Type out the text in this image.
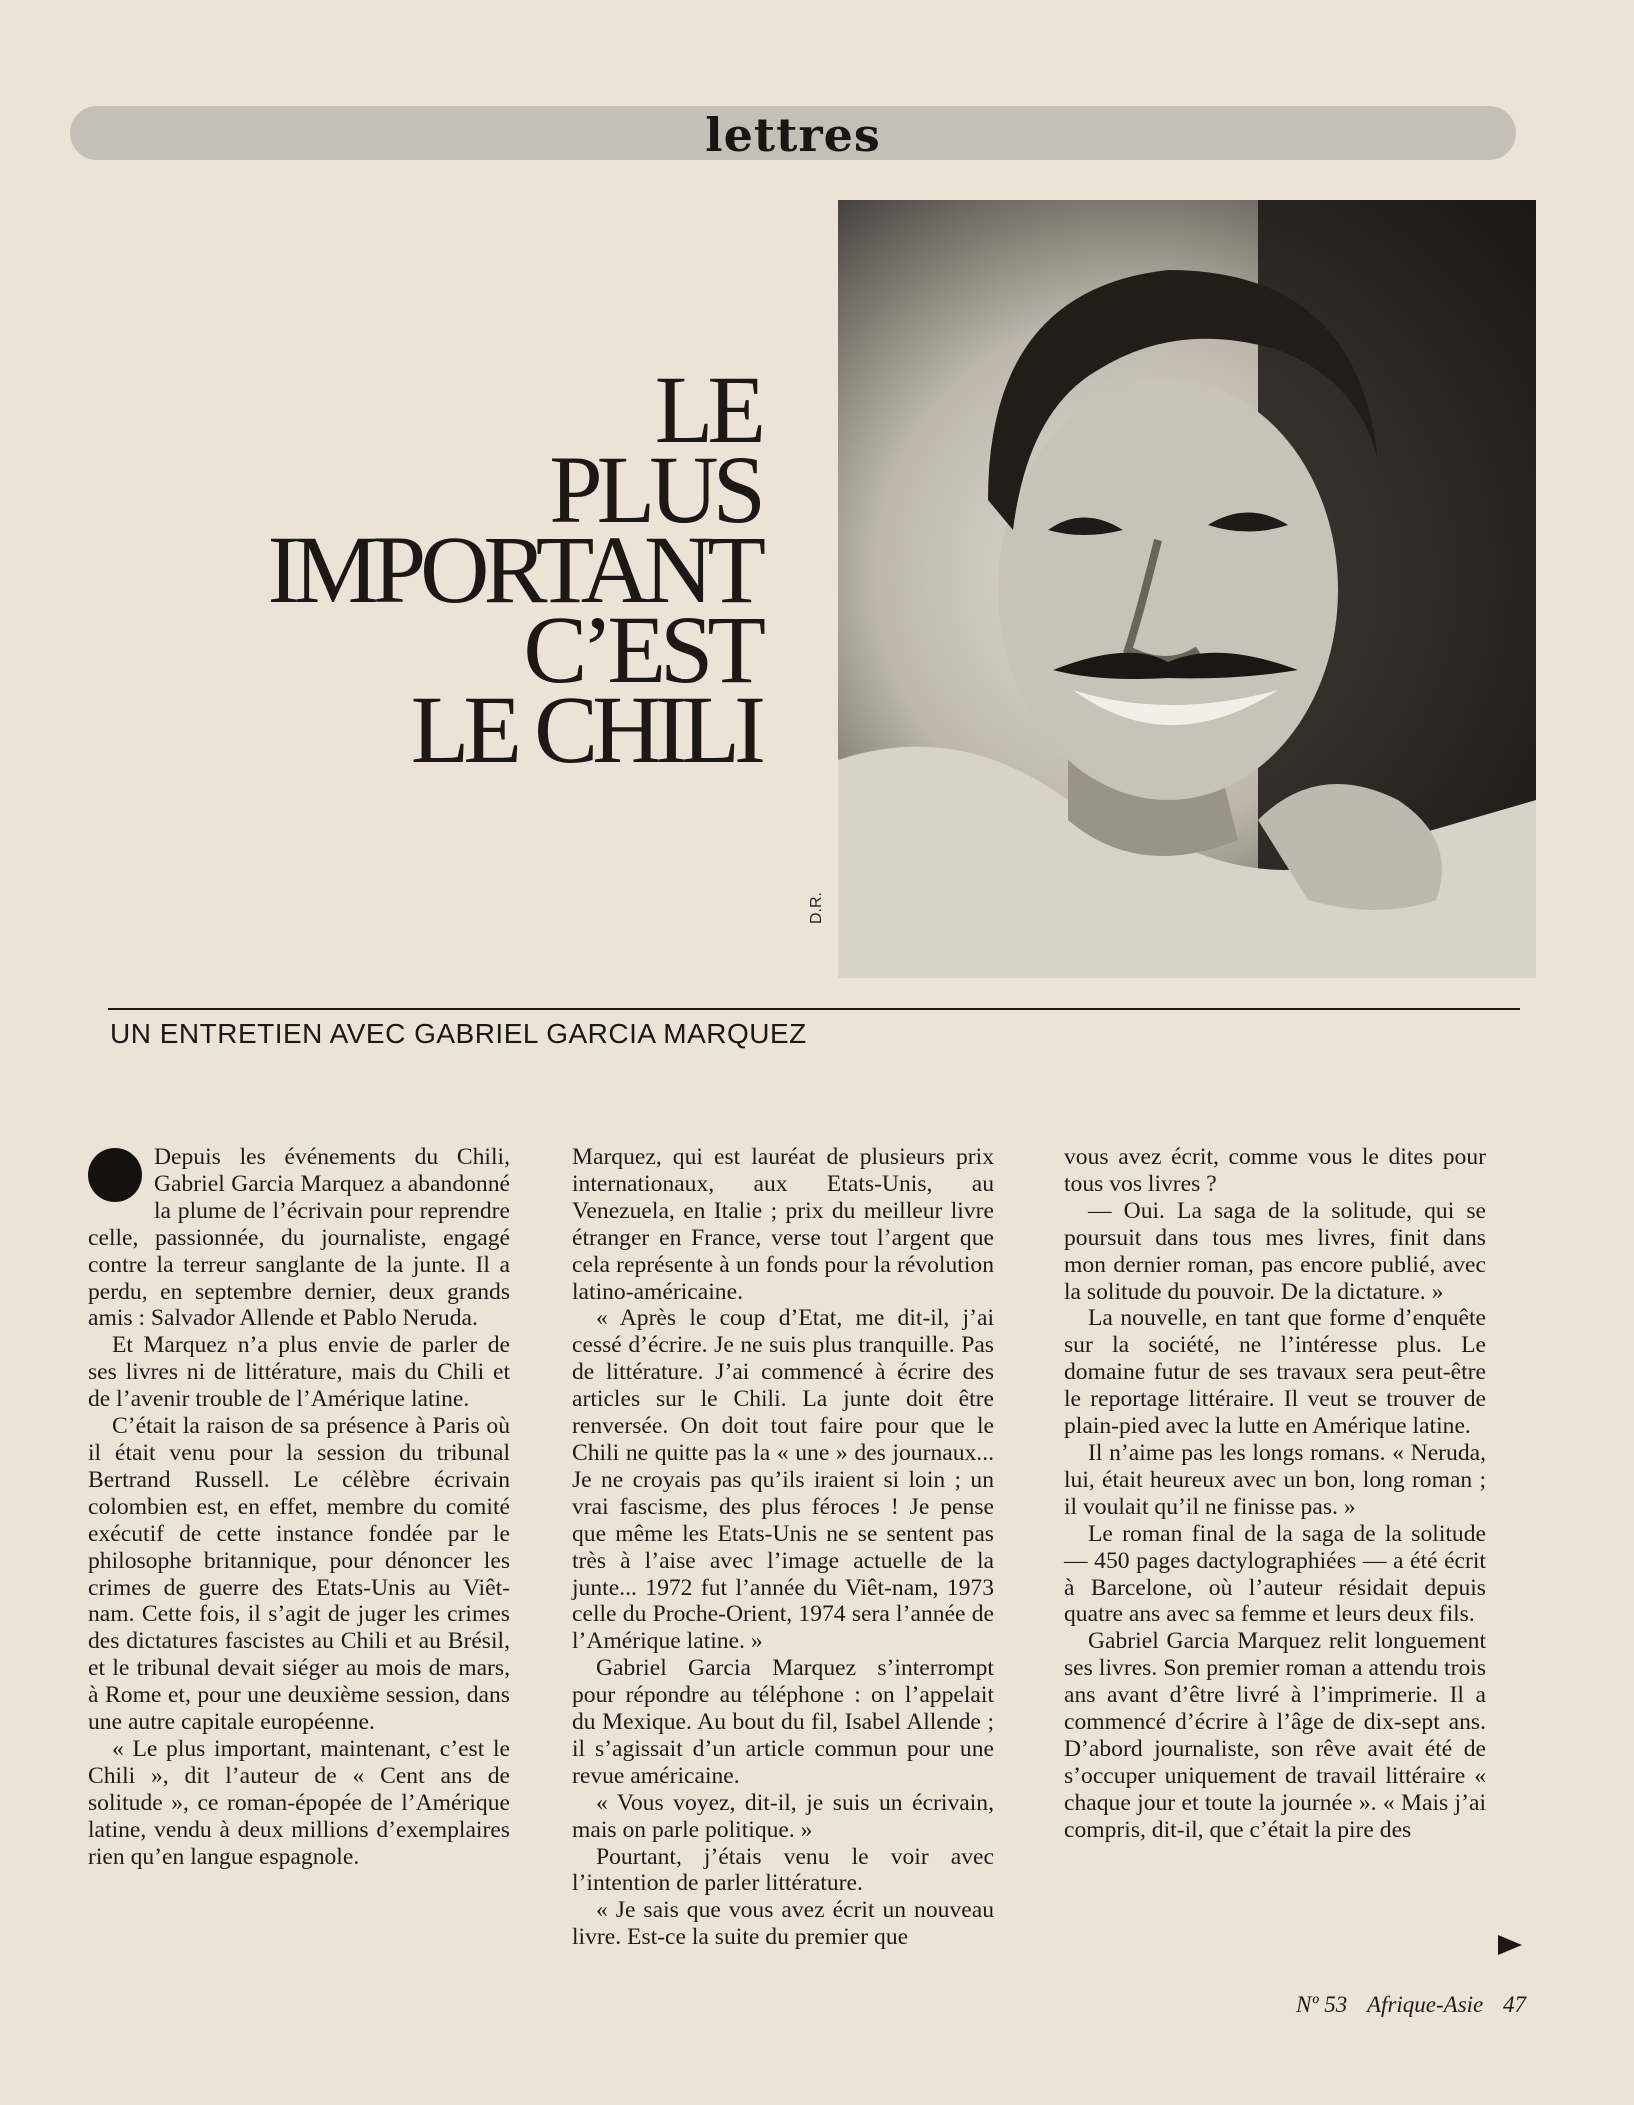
lettres
LE
PLUS
IMPORTANT
C’EST
LE CHILI
D.R.
UN ENTRETIEN AVEC GABRIEL GARCIA MARQUEZ

Depuis les événements du Chili, Gabriel Garcia Marquez a abandonné la plume de l’écrivain pour reprendre celle, passionnée, du journaliste, engagé contre la terreur sanglante de la junte. Il a perdu, en septembre dernier, deux grands amis : Salvador Allende et Pablo Neruda.

Et Marquez n’a plus envie de parler de ses livres ni de littérature, mais du Chili et de l’avenir trouble de l’Amérique latine.

C’était la raison de sa présence à Paris où il était venu pour la session du tribunal Bertrand Russell. Le célèbre écrivain colombien est, en effet, membre du comité exécutif de cette instance fondée par le philosophe britannique, pour dénoncer les crimes de guerre des Etats-Unis au Viêt-nam. Cette fois, il s’agit de juger les crimes des dictatures fascistes au Chili et au Brésil, et le tribunal devait siéger au mois de mars, à Rome et, pour une deuxième session, dans une autre capitale européenne.

« Le plus important, maintenant, c’est le Chili », dit l’auteur de « Cent ans de solitude », ce roman-épopée de l’Amérique latine, vendu à deux millions d’exemplaires rien qu’en langue espagnole.

Marquez, qui est lauréat de plusieurs prix internationaux, aux Etats-Unis, au Venezuela, en Italie ; prix du meilleur livre étranger en France, verse tout l’argent que cela représente à un fonds pour la révolution latino-américaine.

« Après le coup d’Etat, me dit-il, j’ai cessé d’écrire. Je ne suis plus tranquille. Pas de littérature. J’ai commencé à écrire des articles sur le Chili. La junte doit être renversée. On doit tout faire pour que le Chili ne quitte pas la « une » des journaux... Je ne croyais pas qu’ils iraient si loin ; un vrai fascisme, des plus féroces ! Je pense que même les Etats-Unis ne se sentent pas très à l’aise avec l’image actuelle de la junte... 1972 fut l’année du Viêt-nam, 1973 celle du Proche-Orient, 1974 sera l’année de l’Amérique latine. »

Gabriel Garcia Marquez s’interrompt pour répondre au téléphone : on l’appelait du Mexique. Au bout du fil, Isabel Allende ; il s’agissait d’un article commun pour une revue américaine.

« Vous voyez, dit-il, je suis un écrivain, mais on parle politique. »

Pourtant, j’étais venu le voir avec l’intention de parler littérature.

« Je sais que vous avez écrit un nouveau livre. Est-ce la suite du premier que

vous avez écrit, comme vous le dites pour tous vos livres ?

— Oui. La saga de la solitude, qui se poursuit dans tous mes livres, finit dans mon dernier roman, pas encore publié, avec la solitude du pouvoir. De la dictature. »

La nouvelle, en tant que forme d’enquête sur la société, ne l’intéresse plus. Le domaine futur de ses travaux sera peut-être le reportage littéraire. Il veut se trouver de plain-pied avec la lutte en Amérique latine.

Il n’aime pas les longs romans. « Neruda, lui, était heureux avec un bon, long roman ; il voulait qu’il ne finisse pas. »

Le roman final de la saga de la solitude — 450 pages dactylographiées — a été écrit à Barcelone, où l’auteur résidait depuis quatre ans avec sa femme et leurs deux fils.

Gabriel Garcia Marquez relit longuement ses livres. Son premier roman a attendu trois ans avant d’être livré à l’imprimerie. Il a commencé d’écrire à l’âge de dix-sept ans. D’abord journaliste, son rêve avait été de s’occuper uniquement de travail littéraire « chaque jour et toute la journée ». « Mais j’ai compris, dit-il, que c’était la pire des

Nº 53 Afrique-Asie 47
